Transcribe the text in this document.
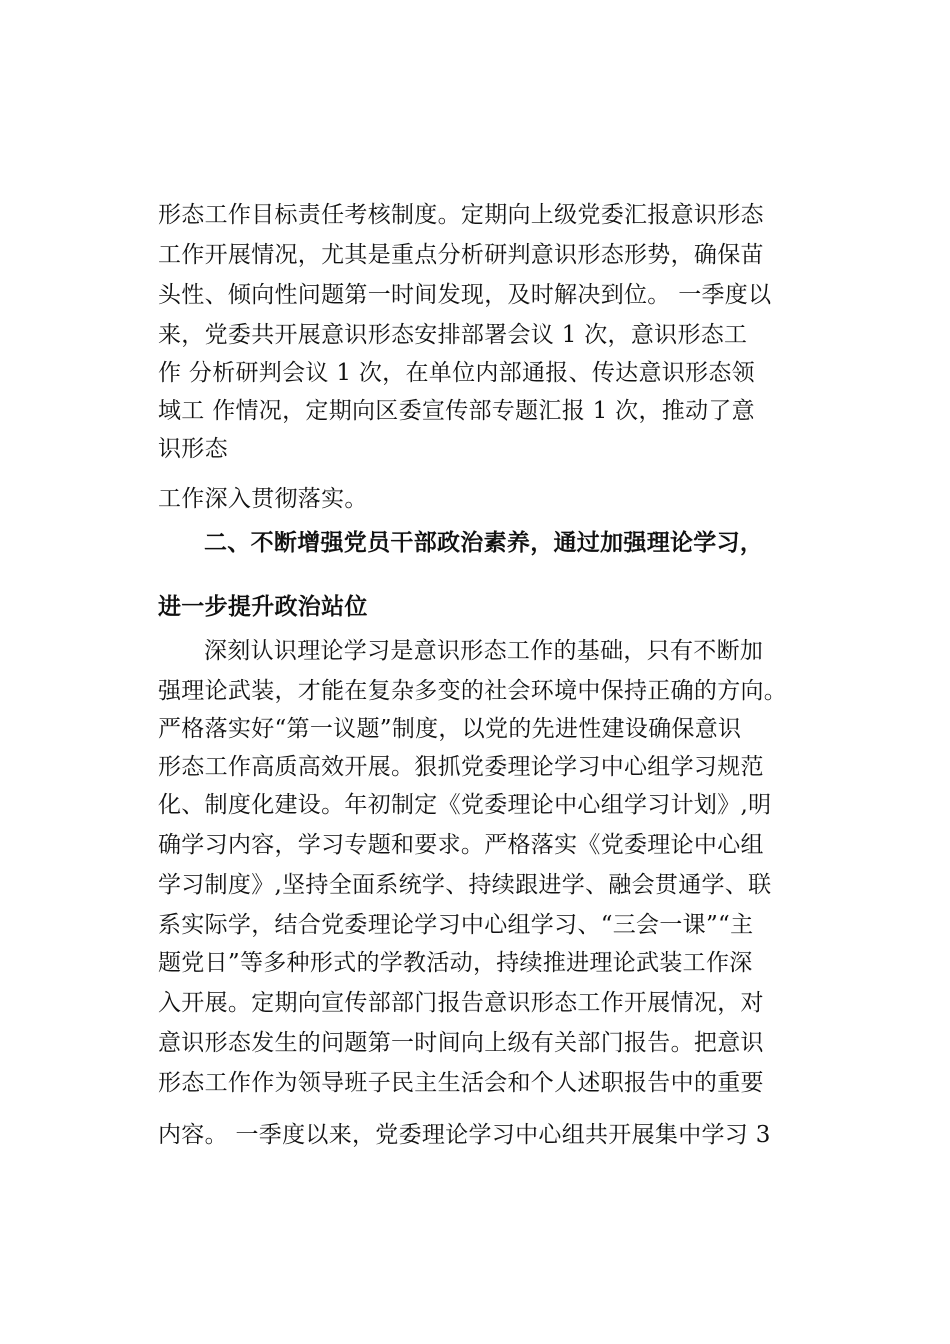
形态工作目标责任考核制度。定期向上级党委汇报意识形态
工作开展情况，尤其是重点分析研判意识形态形势，确保苗
头性、倾向性问题第一时间发现，及时解决到位。 一季度以
来，党委共开展意识形态安排部署会议 1 次，意识形态工
作 分析研判会议 1 次，在单位内部通报、传达意识形态领
域工 作情况，定期向区委宣传部专题汇报 1 次，推动了意
识形态
工作深入贯彻落实。
二、不断增强党员干部政治素养，通过加强理论学习，
进一步提升政治站位
深刻认识理论学习是意识形态工作的基础，只有不断加
强理论武装，才能在复杂多变的社会环境中保持正确的方向。
严格落实好“第一议题”制度，以党的先进性建设确保意识
形态工作高质高效开展。狠抓党委理论学习中心组学习规范
化、制度化建设。年初制定《党委理论中心组学习计划》,明
确学习内容，学习专题和要求。严格落实《党委理论中心组
学习制度》,坚持全面系统学、持续跟进学、融会贯通学、联
系实际学，结合党委理论学习中心组学习、“三会一课”“主
题党日”等多种形式的学教活动，持续推进理论武装工作深
入开展。定期向宣传部部门报告意识形态工作开展情况，对
意识形态发生的问题第一时间向上级有关部门报告。把意识
形态工作作为领导班子民主生活会和个人述职报告中的重要
内容。 一季度以来，党委理论学习中心组共开展集中学习 3
